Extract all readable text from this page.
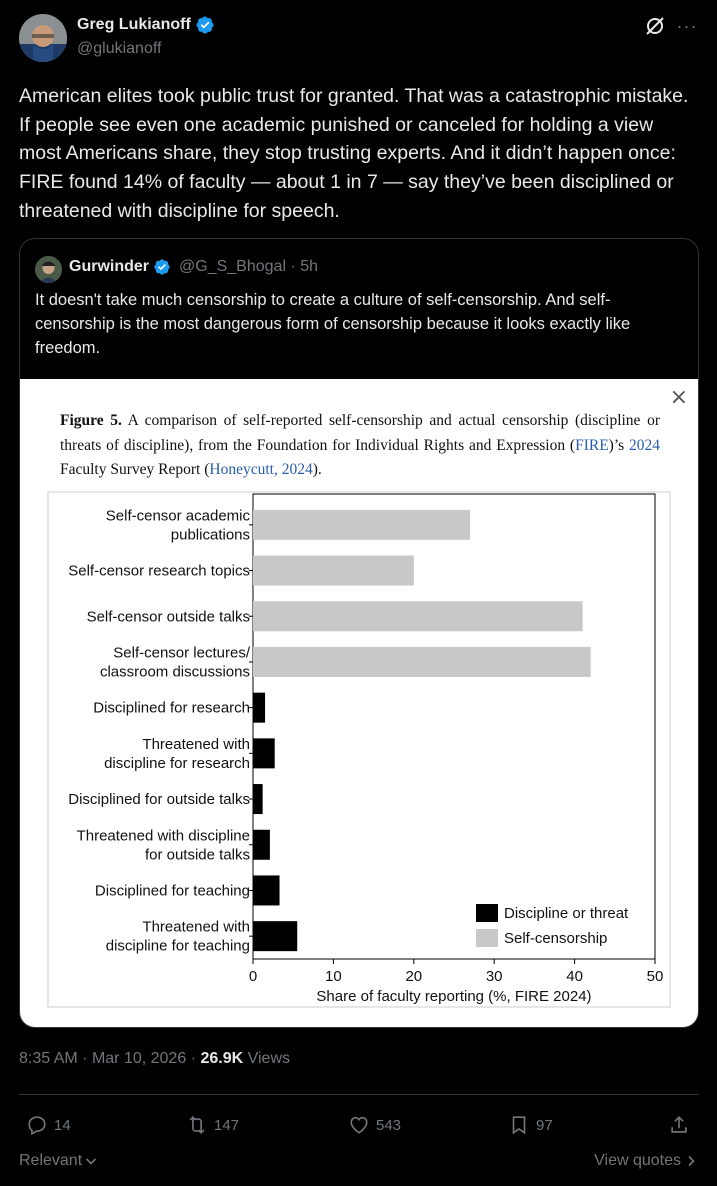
Greg Lukianoff
@glukianoff
···
American elites took public trust for granted. That was a catastrophic mistake. If people see even one academic punished or canceled for holding a view most Americans share, they stop trusting experts. And it didn’t happen once: FIRE found 14% of faculty — about 1 in 7 — say they’ve been disciplined or threatened with discipline for speech.
Gurwinder @G_S_Bhogal · 5h
It doesn't take much censorship to create a culture of self-censorship. And self-censorship is the most dangerous form of censorship because it looks exactly like freedom.
×
Figure 5. A comparison of self-reported self-censorship and actual censorship (discipline or threats of discipline), from the Foundation for Individual Rights and Expression (FIRE)’s 2024 Faculty Survey Report (Honeycutt, 2024).
Self-censor academic
publications
Self-censor research topics
Self-censor outside talks
Self-censor lectures/
classroom discussions
Disciplined for research
Threatened with
discipline for research
Disciplined for outside talks
Threatened with discipline
for outside talks
Disciplined for teaching
Threatened with
discipline for teaching
0	10	20	30	40	50
Share of faculty reporting (%, FIRE 2024)
Discipline or threat
Self-censorship
8:35 AM · Mar 10, 2026 · 26.9K Views
14	147	543	97
Relevant	View quotes
